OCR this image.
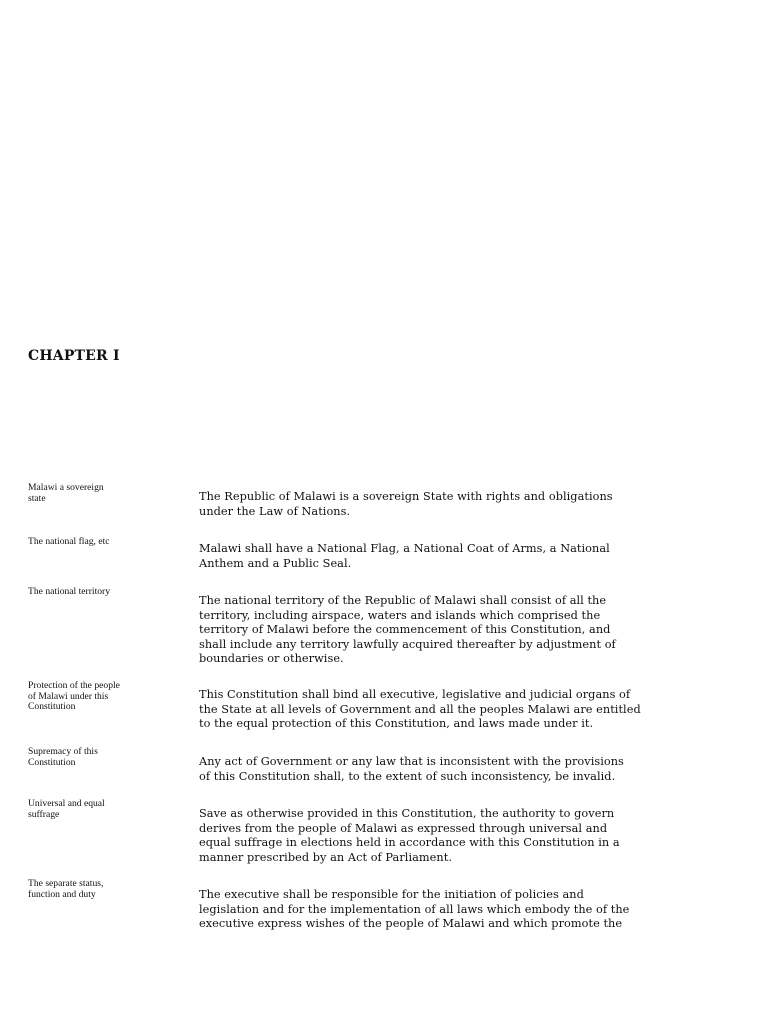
CHAPTER I

Malawi a sovereign
state	The Republic of Malawi is a sovereign State with rights and obligations
under the Law of Nations.

The national flag, etc

Malawi shall have a National Flag, a National Coat of Arms, a National
Anthem and a Public Seal.

The national territory

The national territory of the Republic of Malawi shall consist of all the
territory, including airspace, waters and islands which comprised the
territory of Malawi before the commencement of this Constitution, and
shall include any territory lawfully acquired thereafter by adjustment of
boundaries or otherwise.

Protection of the people
of Malawi under this
Constitution

This Constitution shall bind all executive, legislative and judicial organs of
the State at all levels of Government and all the peoples Malawi are entitled
to the equal protection of this Constitution, and laws made under it.

Supremacy of this
Constitution	Any act of Government or any law that is inconsistent with the provisions
of this Constitution shall, to the extent of such inconsistency, be invalid.

Universal and equal
suffrage	Save as otherwise provided in this Constitution, the authority to govern
derives from the people of Malawi as expressed through universal and
equal suffrage in elections held in accordance with this Constitution in a
manner prescribed by an Act of Parliament.

The separate status,
function and duty	The executive shall be responsible for the initiation of policies and
legislation and for the implementation of all laws which embody the of the
executive express wishes of the people of Malawi and which promote the
